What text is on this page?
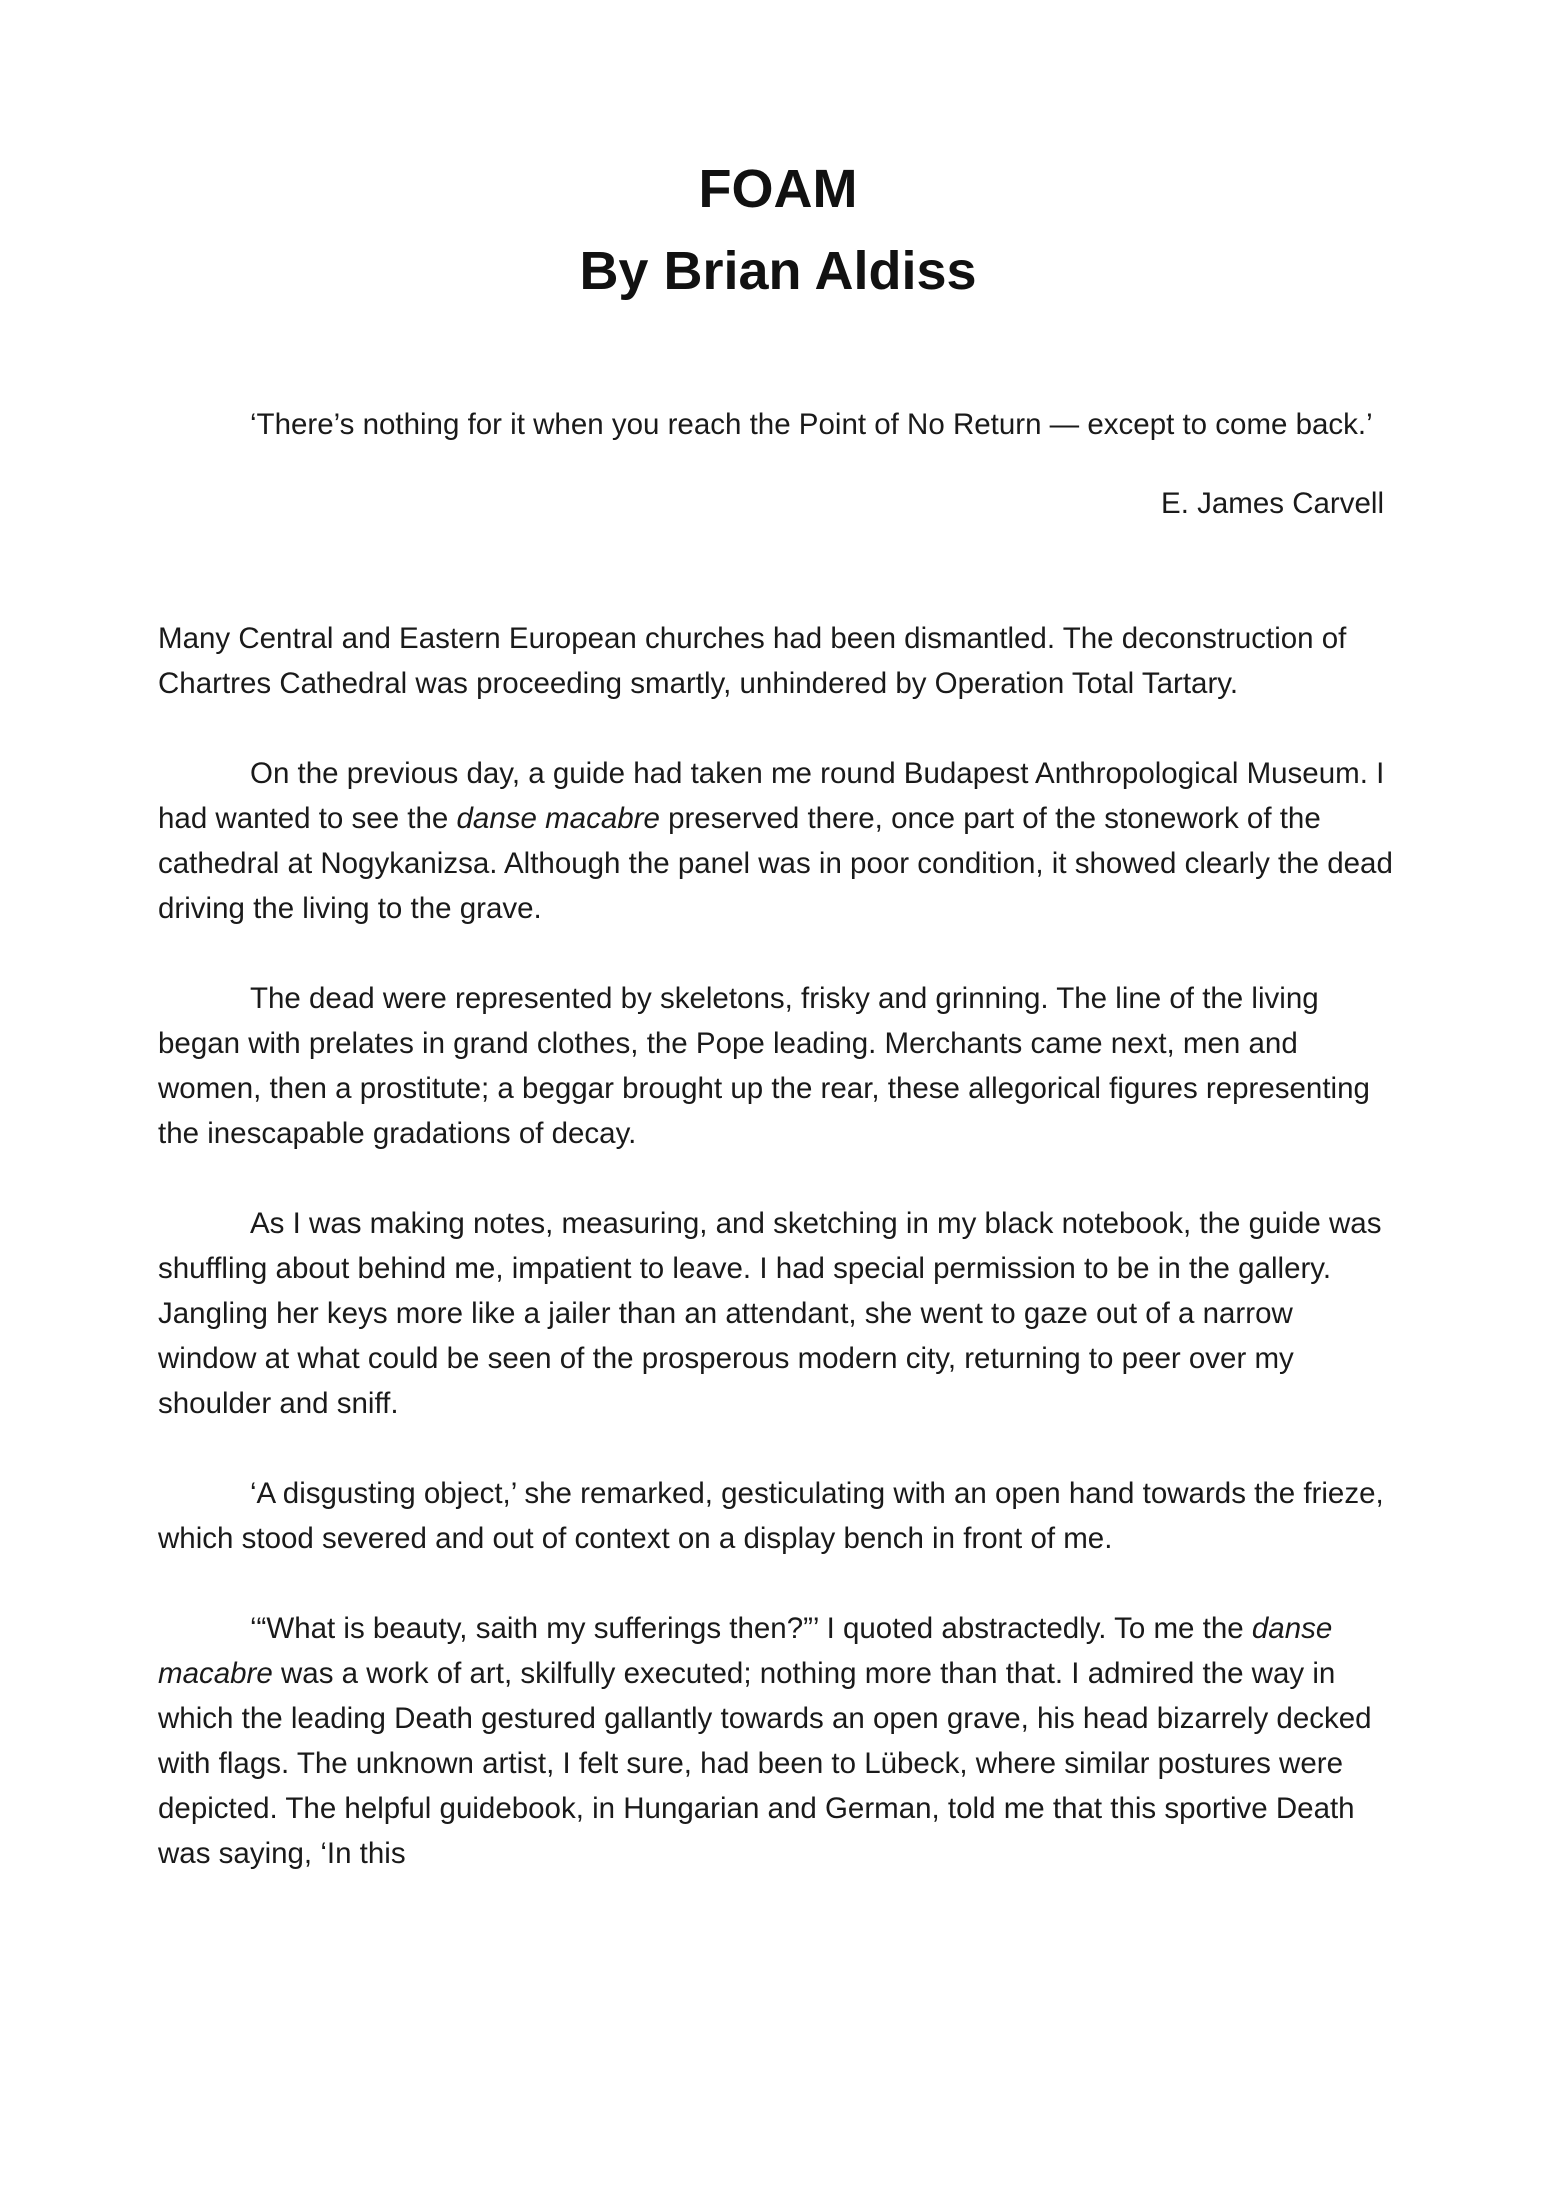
FOAM
By Brian Aldiss
‘There’s nothing for it when you reach the Point of No Return — except to come back.’
E. James Carvell

Many Central and Eastern European churches had been dismantled. The deconstruction of Chartres Cathedral was proceeding smartly, unhindered by Operation Total Tartary.

On the previous day, a guide had taken me round Budapest Anthropological Museum. I had wanted to see the danse macabre preserved there, once part of the stonework of the cathedral at Nogykanizsa. Although the panel was in poor condition, it showed clearly the dead driving the living to the grave.

The dead were represented by skeletons, frisky and grinning. The line of the living began with prelates in grand clothes, the Pope leading. Merchants came next, men and women, then a prostitute; a beggar brought up the rear, these allegorical figures representing the inescapable gradations of decay.

As I was making notes, measuring, and sketching in my black notebook, the guide was shuffling about behind me, impatient to leave. I had special permission to be in the gallery. Jangling her keys more like a jailer than an attendant, she went to gaze out of a narrow window at what could be seen of the prosperous modern city, returning to peer over my shoulder and sniff.

‘A disgusting object,’ she remarked, gesticulating with an open hand towards the frieze, which stood severed and out of context on a display bench in front of me.

‘“What is beauty, saith my sufferings then?”’ I quoted abstractedly. To me the danse macabre was a work of art, skilfully executed; nothing more than that. I admired the way in which the leading Death gestured gallantly towards an open grave, his head bizarrely decked with flags. The unknown artist, I felt sure, had been to Lübeck, where similar postures were depicted. The helpful guidebook, in Hungarian and German, told me that this sportive Death was saying, ‘In this
